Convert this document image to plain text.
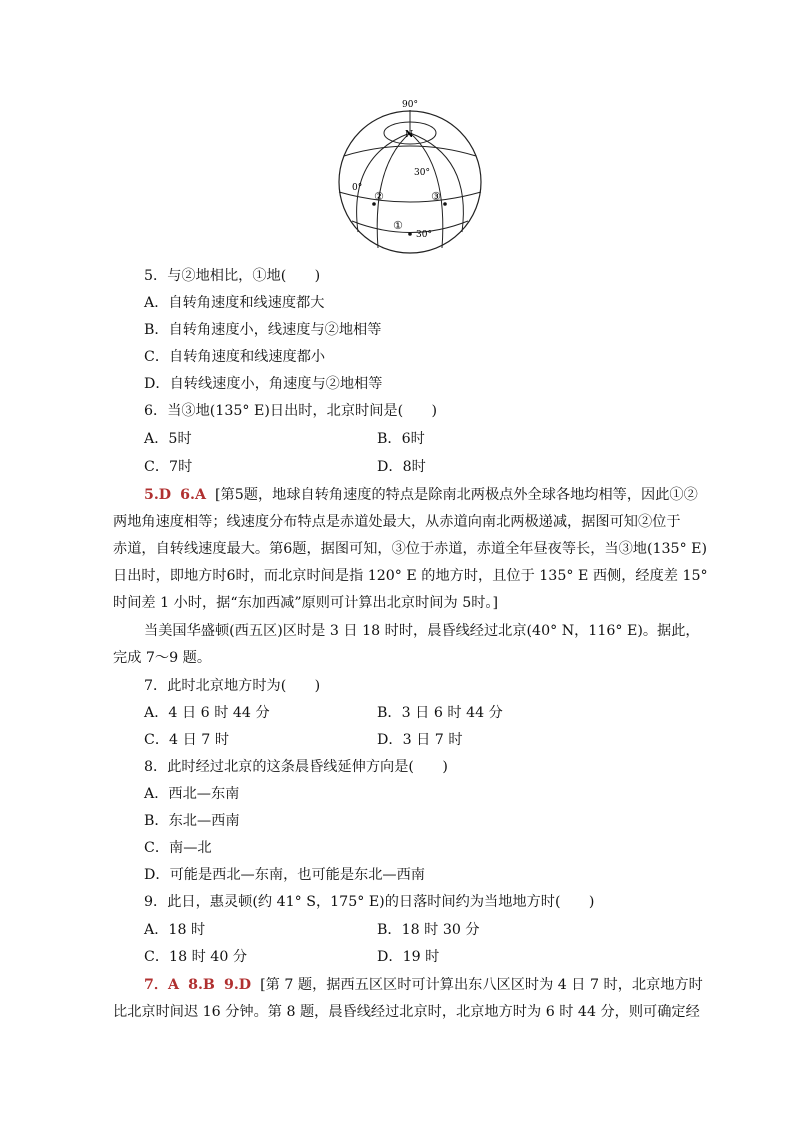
90°
N
30°
0°
②	③
①
30°
5．与②地相比，①地(　　)
A．自转角速度和线速度都大
B．自转角速度小，线速度与②地相等
C．自转角速度和线速度都小
D．自转线速度小，角速度与②地相等
6．当③地(135° E)日出时，北京时间是(　　)
A．5时	B．6时
C．7时	D．8时
5.D 6.A [第5题，地球自转角速度的特点是除南北两极点外全球各地均相等，因此①②
两地角速度相等；线速度分布特点是赤道处最大，从赤道向南北两极递减，据图可知②位于
赤道，自转线速度最大。第6题，据图可知，③位于赤道，赤道全年昼夜等长，当③地(135° E)
日出时，即地方时6时，而北京时间是指 120° E 的地方时，且位于 135° E 西侧，经度差 15°
时间差 1 小时，据“东加西减”原则可计算出北京时间为 5时。]
当美国华盛顿(西五区)区时是 3 日 18 时时，晨昏线经过北京(40° N，116° E)。据此，
完成 7～9 题。
7．此时北京地方时为(　　)
A．4 日 6 时 44 分	B．3 日 6 时 44 分
C．4 日 7 时	D．3 日 7 时
8．此时经过北京的这条晨昏线延伸方向是(　　)
A．西北—东南
B．东北—西南
C．南—北
D．可能是西北—东南，也可能是东北—西南
9．此日，惠灵顿(约 41° S，175° E)的日落时间约为当地地方时(　　)
A．18 时	B．18 时 30 分
C．18 时 40 分	D．19 时
7．A 8.B 9.D [第 7 题，据西五区区时可计算出东八区区时为 4 日 7 时，北京地方时
比北京时间迟 16 分钟。第 8 题，晨昏线经过北京时，北京地方时为 6 时 44 分，则可确定经
